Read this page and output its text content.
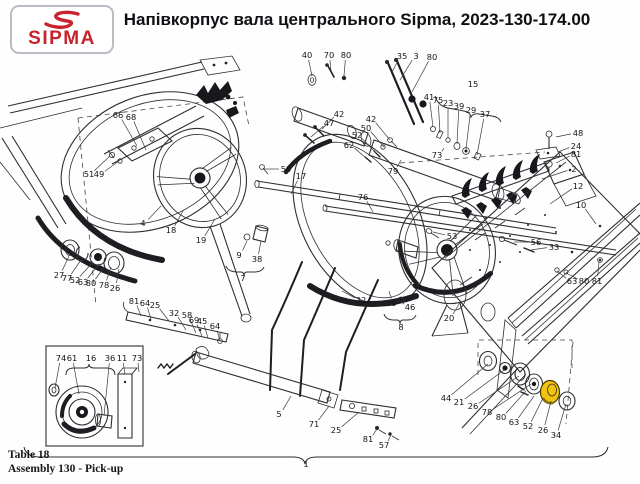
SIPMA
Напівкорпус вала центрального Sipma, 2023-130-174.00
40 70 80	35 3 80
15
41
75 23 39 29 37
73
48
24
81
2
12
10
66 68
51 49
42
47	42
50
52
62
59
17	79
76
4
18
19	53
56 33
27
77
52
63
80 78 26
9 38
7
22	9 46
8
20
63 80 81
81 64 25
32 58
69
45 64
74 61 16 36 11 73
5
71
25
81
57
44 21 26
78 80 63 52 26 34
1
Table 18
Assembly 130 - Pick-up
